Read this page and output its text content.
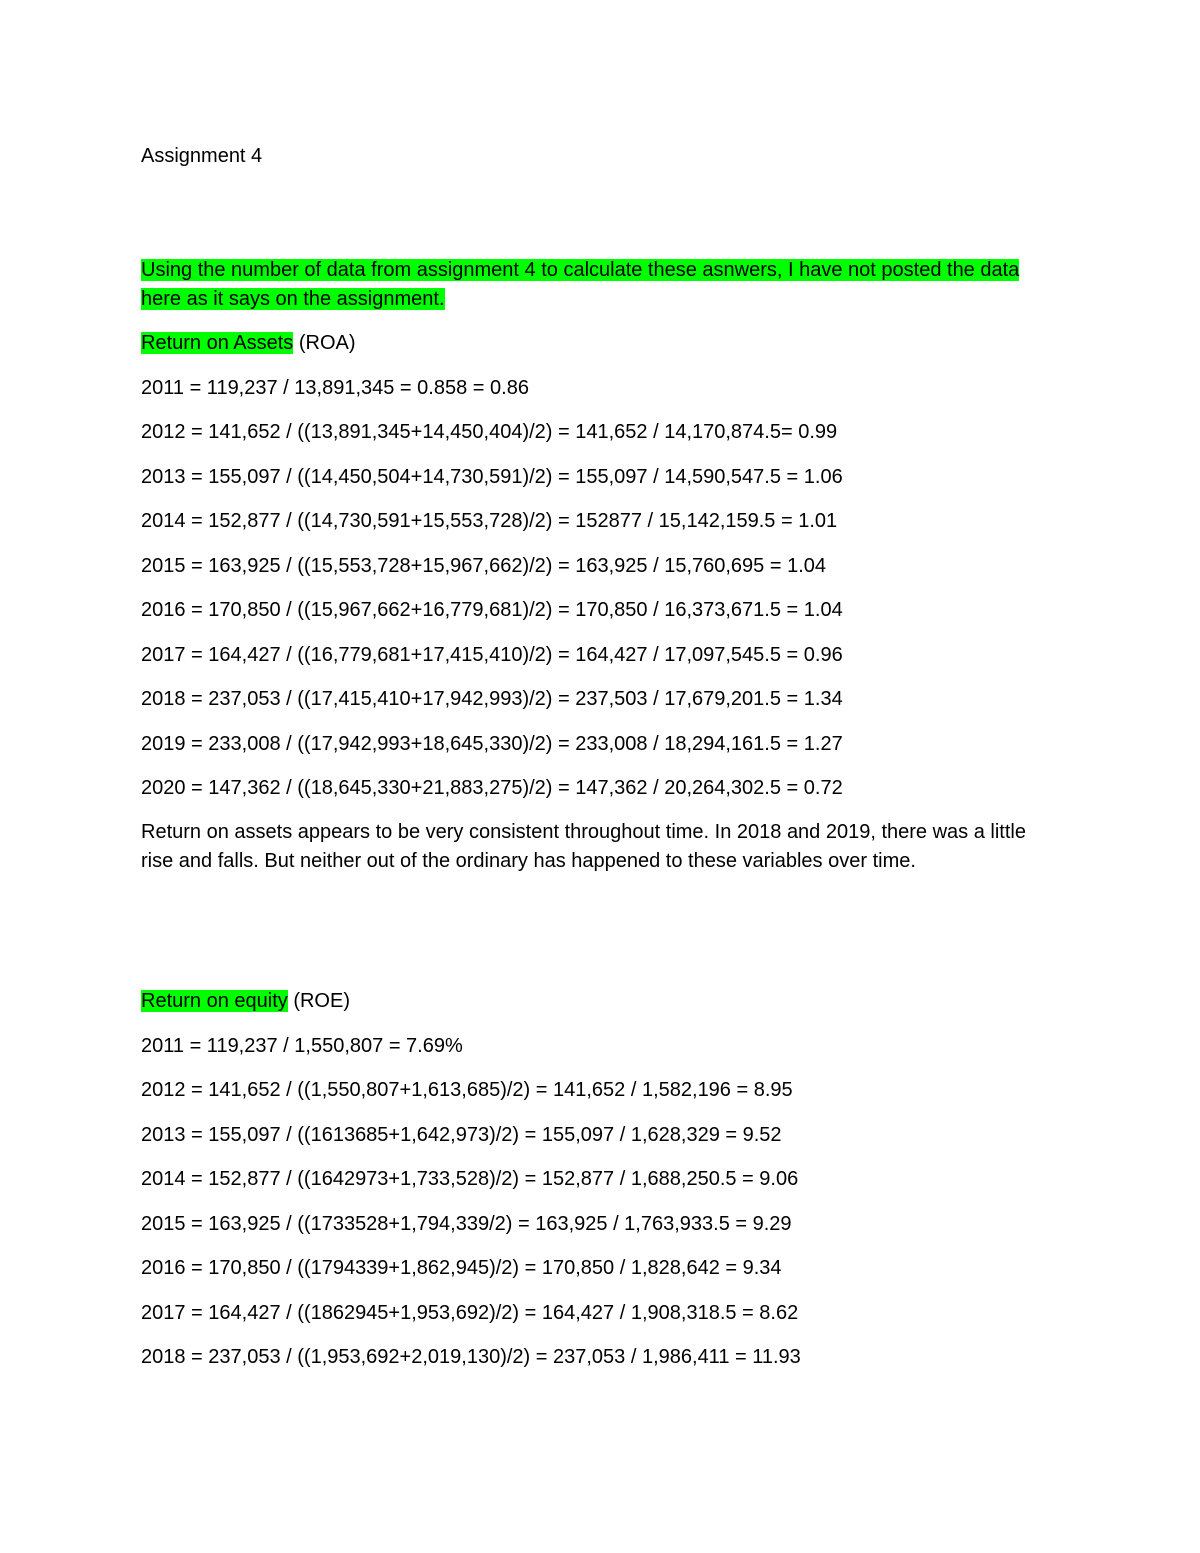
Assignment 4
Using the number of data from assignment 4 to calculate these asnwers, I have not posted the data here as it says on the assignment.
Return on Assets (ROA)
2011 = 119,237 / 13,891,345 = 0.858 = 0.86
2012 = 141,652 / ((13,891,345+14,450,404)/2) = 141,652 / 14,170,874.5= 0.99
2013 = 155,097 / ((14,450,504+14,730,591)/2) = 155,097 / 14,590,547.5 = 1.06
2014 = 152,877 / ((14,730,591+15,553,728)/2) = 152877 / 15,142,159.5 = 1.01
2015 = 163,925 / ((15,553,728+15,967,662)/2) = 163,925 / 15,760,695 = 1.04
2016 = 170,850 / ((15,967,662+16,779,681)/2) = 170,850 / 16,373,671.5 = 1.04
2017 = 164,427 / ((16,779,681+17,415,410)/2) = 164,427 / 17,097,545.5 = 0.96
2018 = 237,053 / ((17,415,410+17,942,993)/2) = 237,503 / 17,679,201.5 = 1.34
2019 = 233,008 / ((17,942,993+18,645,330)/2) = 233,008 / 18,294,161.5 = 1.27
2020 = 147,362 / ((18,645,330+21,883,275)/2) = 147,362 / 20,264,302.5 = 0.72
Return on assets appears to be very consistent throughout time. In 2018 and 2019, there was a little rise and falls. But neither out of the ordinary has happened to these variables over time.
Return on equity (ROE)
2011 = 119,237 / 1,550,807 = 7.69%
2012 = 141,652 / ((1,550,807+1,613,685)/2) = 141,652 / 1,582,196 = 8.95
2013 = 155,097 / ((1613685+1,642,973)/2) = 155,097 / 1,628,329 = 9.52
2014 = 152,877 / ((1642973+1,733,528)/2) = 152,877 / 1,688,250.5 = 9.06
2015 = 163,925 / ((1733528+1,794,339/2) = 163,925 / 1,763,933.5 = 9.29
2016 = 170,850 / ((1794339+1,862,945)/2) = 170,850 / 1,828,642 = 9.34
2017 = 164,427 / ((1862945+1,953,692)/2) = 164,427 / 1,908,318.5 = 8.62
2018 = 237,053 / ((1,953,692+2,019,130)/2) = 237,053 / 1,986,411 = 11.93
